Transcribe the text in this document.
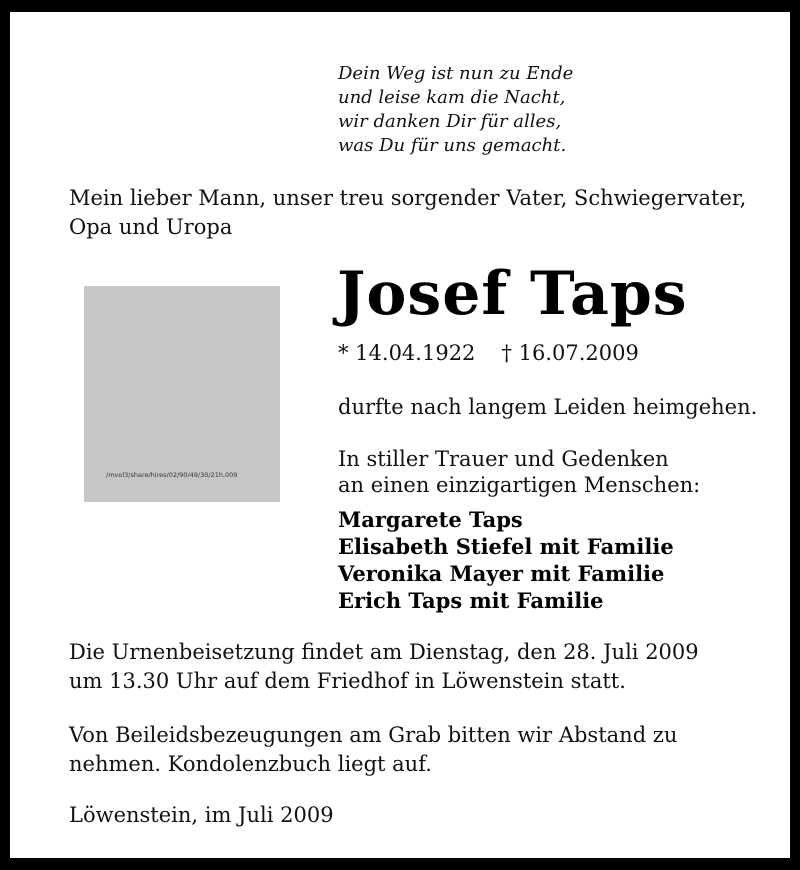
Dein Weg ist nun zu Ende
und leise kam die Nacht,
wir danken Dir für alles,
was Du für uns gemacht.
Mein lieber Mann, unser treu sorgender Vater, Schwiegervater,
Opa und Uropa
/mvol3/share/hires/02/90/49/30/21h.009
Josef Taps
* 14.04.1922 † 16.07.2009
durfte nach langem Leiden heimgehen.
In stiller Trauer und Gedenken
an einen einzigartigen Menschen:
Margarete Taps
Elisabeth Stiefel mit Familie
Veronika Mayer mit Familie
Erich Taps mit Familie
Die Urnenbeisetzung findet am Dienstag, den 28. Juli 2009
um 13.30 Uhr auf dem Friedhof in Löwenstein statt.
Von Beileidsbezeugungen am Grab bitten wir Abstand zu
nehmen. Kondolenzbuch liegt auf.
Löwenstein, im Juli 2009
